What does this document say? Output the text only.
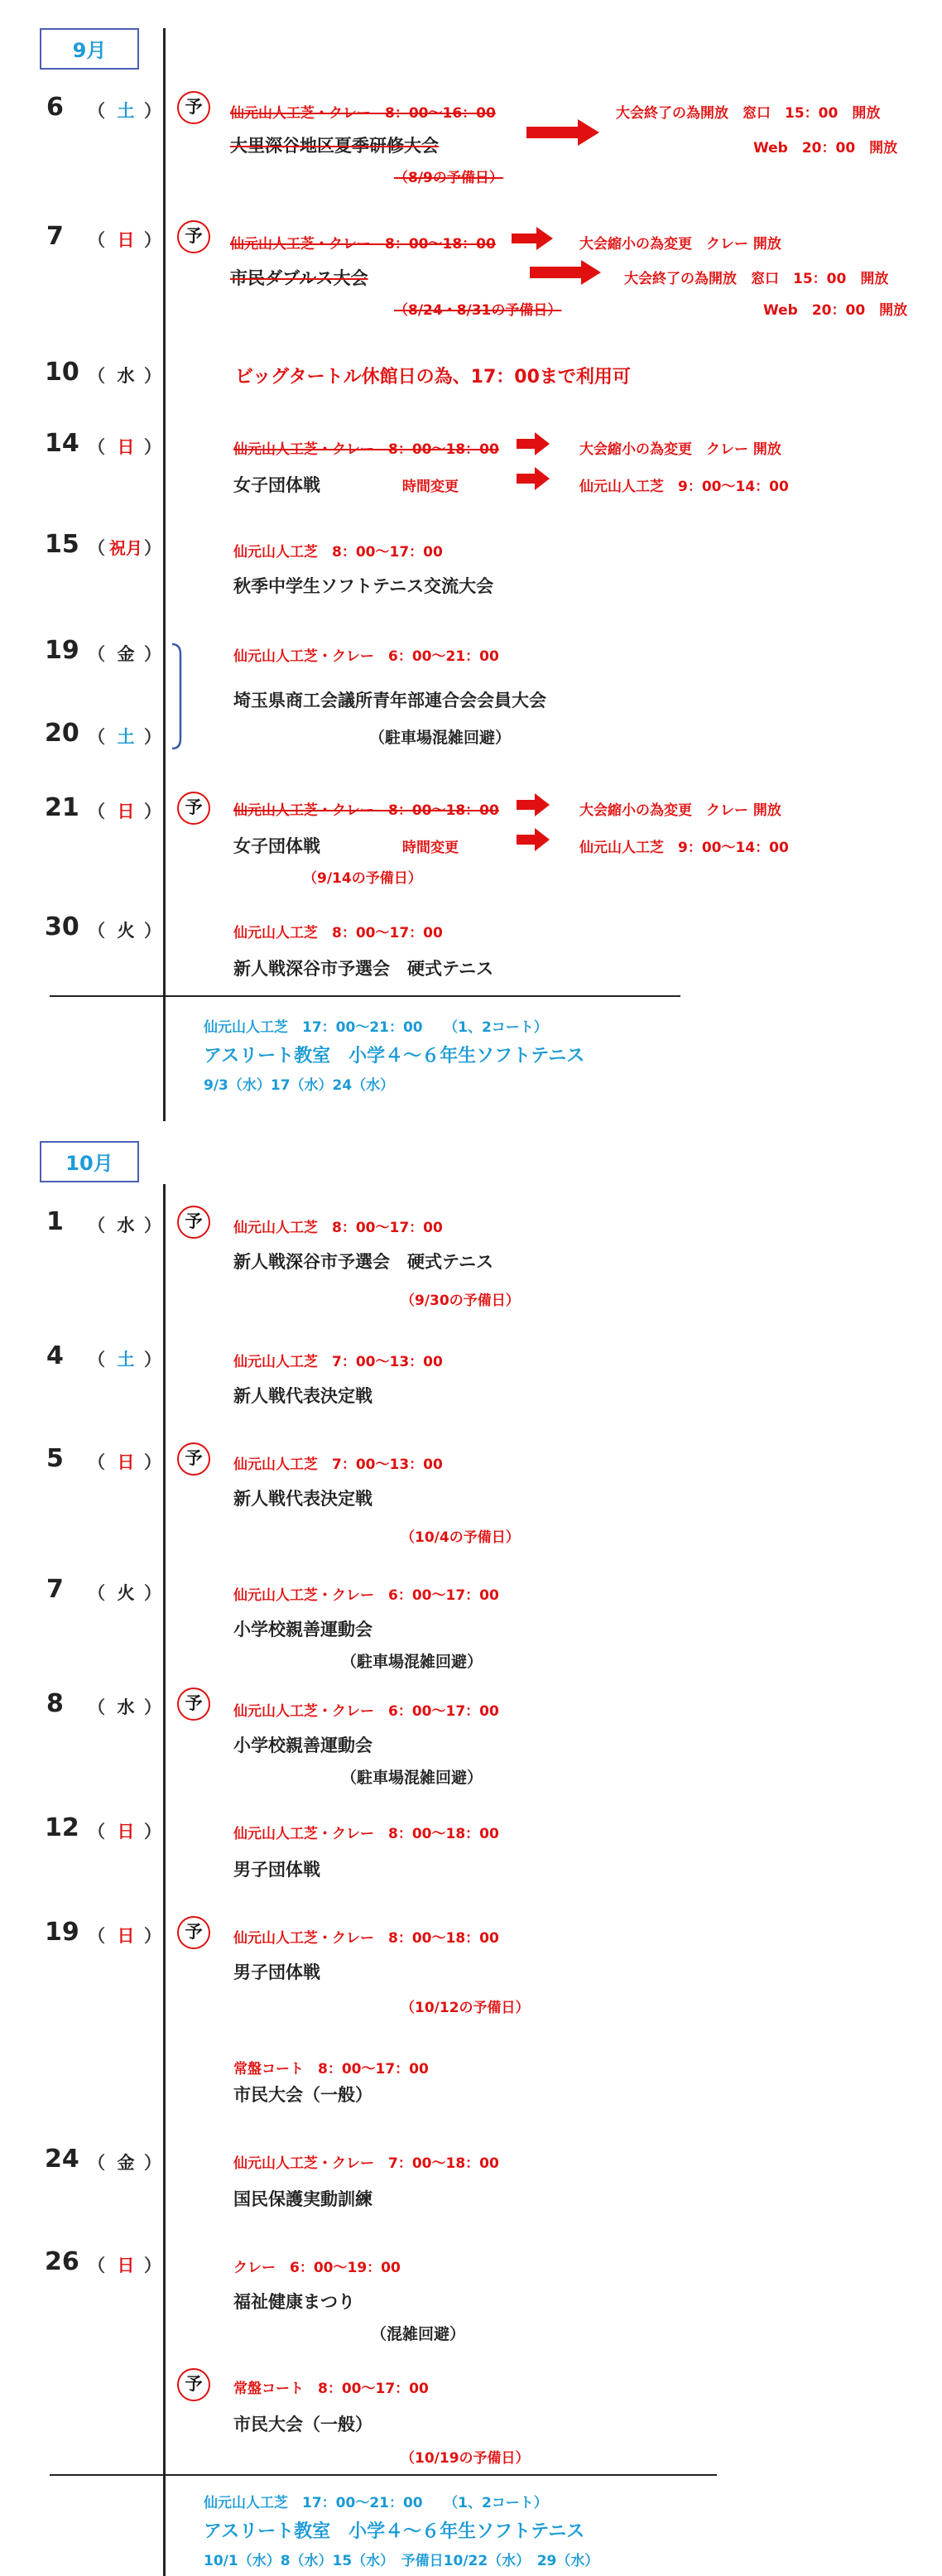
9月
6 （ 土 ）	予	仙元山人工芝・クレー　8：00～16：00
大里深谷地区夏季研修大会
（8/9の予備日）
大会終了の為開放　窓口　15：00　開放
Web　20：00　開放
7 （ 日 ）	予	仙元山人工芝・クレー　8：00～18：00
市民ダブルス大会
（8/24・8/31の予備日）
大会縮小の為変更　クレー 開放
大会終了の為開放　窓口　15：00　開放
Web　20：00　開放
10 （ 水 ）	ビッグタートル休館日の為、17：00まで利用可
14 （ 日 ）	仙元山人工芝・クレー　8：00～18：00
女子団体戦	時間変更
大会縮小の為変更　クレー 開放
仙元山人工芝　9：00～14：00
15 （ 祝月 ）	仙元山人工芝　8：00～17：00
秋季中学生ソフトテニス交流大会
19 （ 金 ）
20 （ 土 ）
仙元山人工芝・クレー　6：00～21：00
埼玉県商工会議所青年部連合会会員大会
（駐車場混雑回避）
21 （ 日 ）	予	仙元山人工芝・クレー　8：00～18：00
女子団体戦	時間変更
（9/14の予備日）
大会縮小の為変更　クレー 開放
仙元山人工芝　9：00～14：00
30 （ 火 ）	仙元山人工芝　8：00～17：00
新人戦深谷市予選会　硬式テニス
仙元山人工芝　17：00～21：00　　（1、2コート）
アスリート教室　小学４～６年生ソフトテニス
9/3（水）17（水）24（水）
10月
1 （ 水 ）	予	仙元山人工芝　8：00～17：00
新人戦深谷市予選会　硬式テニス
（9/30の予備日）
4 （ 土 ）	仙元山人工芝　7：00～13：00
新人戦代表決定戦
5 （ 日 ）	予	仙元山人工芝　7：00～13：00
新人戦代表決定戦
（10/4の予備日）
7 （ 火 ）	仙元山人工芝・クレー　6：00～17：00
小学校親善運動会
（駐車場混雑回避）
8 （ 水 ）	予	仙元山人工芝・クレー　6：00～17：00
小学校親善運動会
（駐車場混雑回避）
12 （ 日 ）	仙元山人工芝・クレー　8：00～18：00
男子団体戦
19 （ 日 ）	予	仙元山人工芝・クレー　8：00～18：00
男子団体戦
（10/12の予備日）
常盤コート　8：00～17：00
市民大会（一般）
24 （ 金 ）	仙元山人工芝・クレー　7：00～18：00
国民保護実動訓練
26 （ 日 ）	クレー　6：00～19：00
福祉健康まつり
（混雑回避）
予	常盤コート　8：00～17：00
市民大会（一般）
（10/19の予備日）
仙元山人工芝　17：00～21：00　　（1、2コート）
アスリート教室　小学４～６年生ソフトテニス
10/1（水）8（水）15（水）　予備日10/22（水）　29（水）
